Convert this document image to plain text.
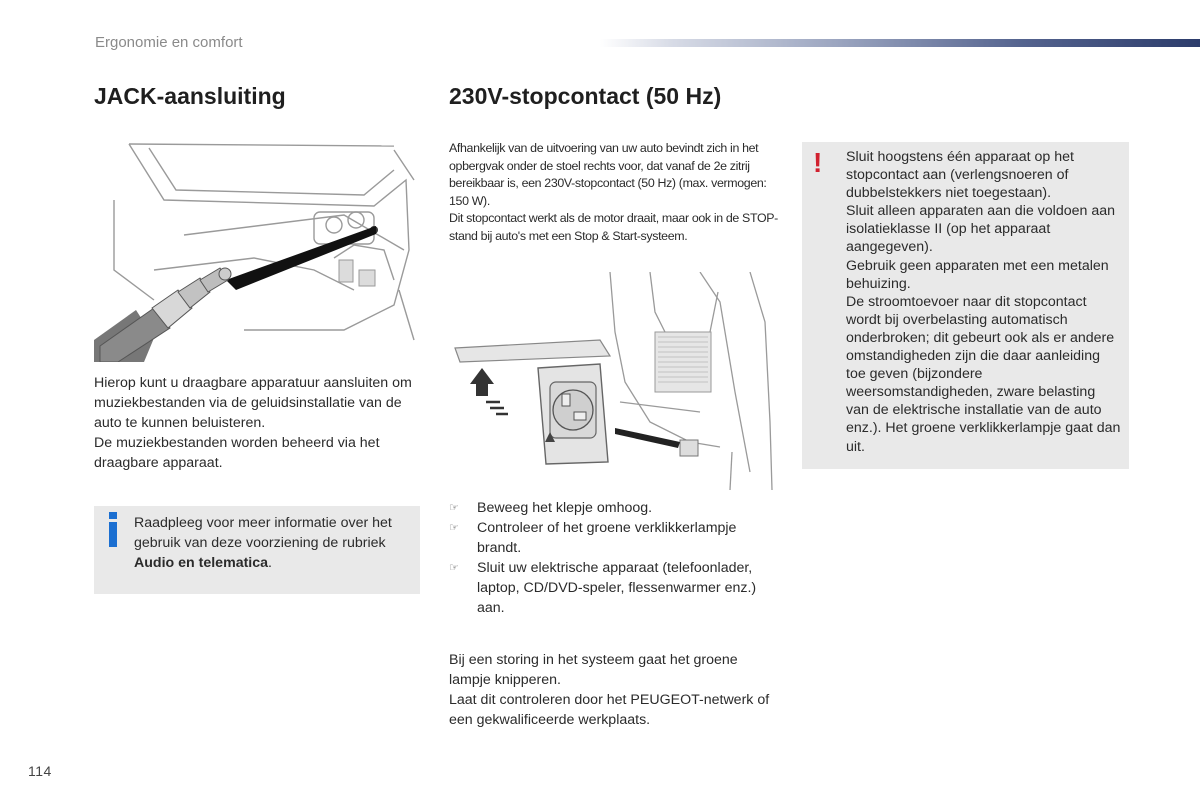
Ergonomie en comfort
JACK-aansluiting	230V-stopcontact (50 Hz)

Hierop kunt u draagbare apparatuur aansluiten om muziekbestanden via de geluidsinstallatie van de auto te kunnen beluisteren.

De muziekbestanden worden beheerd via het draagbare apparaat.

Raadpleeg voor meer informatie over het gebruik van deze voorziening de rubriek Audio en telematica.

Afhankelijk van de uitvoering van uw auto bevindt zich in het opbergvak onder de stoel rechts voor, dat vanaf de 2e zitrij bereikbaar is, een 230V-stopcontact (50 Hz) (max. vermogen: 150 W).

Dit stopcontact werkt als de motor draait, maar ook in de STOP-stand bij auto's met een Stop & Start-systeem.

☞ Beweeg het klepje omhoog.
☞ Controleer of het groene verklikkerlampje brandt.
☞ Sluit uw elektrische apparaat (telefoonlader, laptop, CD/DVD-speler, flessenwarmer enz.) aan.

Bij een storing in het systeem gaat het groene lampje knipperen.

Laat dit controleren door het PEUGEOT-netwerk of een gekwalificeerde werkplaats.

! Sluit hoogstens één apparaat op het stopcontact aan (verlengsnoeren of dubbelstekkers niet toegestaan).

Sluit alleen apparaten aan die voldoen aan isolatieklasse II (op het apparaat aangegeven).

Gebruik geen apparaten met een metalen behuizing.

De stroomtoevoer naar dit stopcontact wordt bij overbelasting automatisch onderbroken; dit gebeurt ook als er andere omstandigheden zijn die daar aanleiding toe geven (bijzondere weersomstandigheden, zware belasting van de elektrische installatie van de auto enz.). Het groene verklikkerlampje gaat dan uit.

114
